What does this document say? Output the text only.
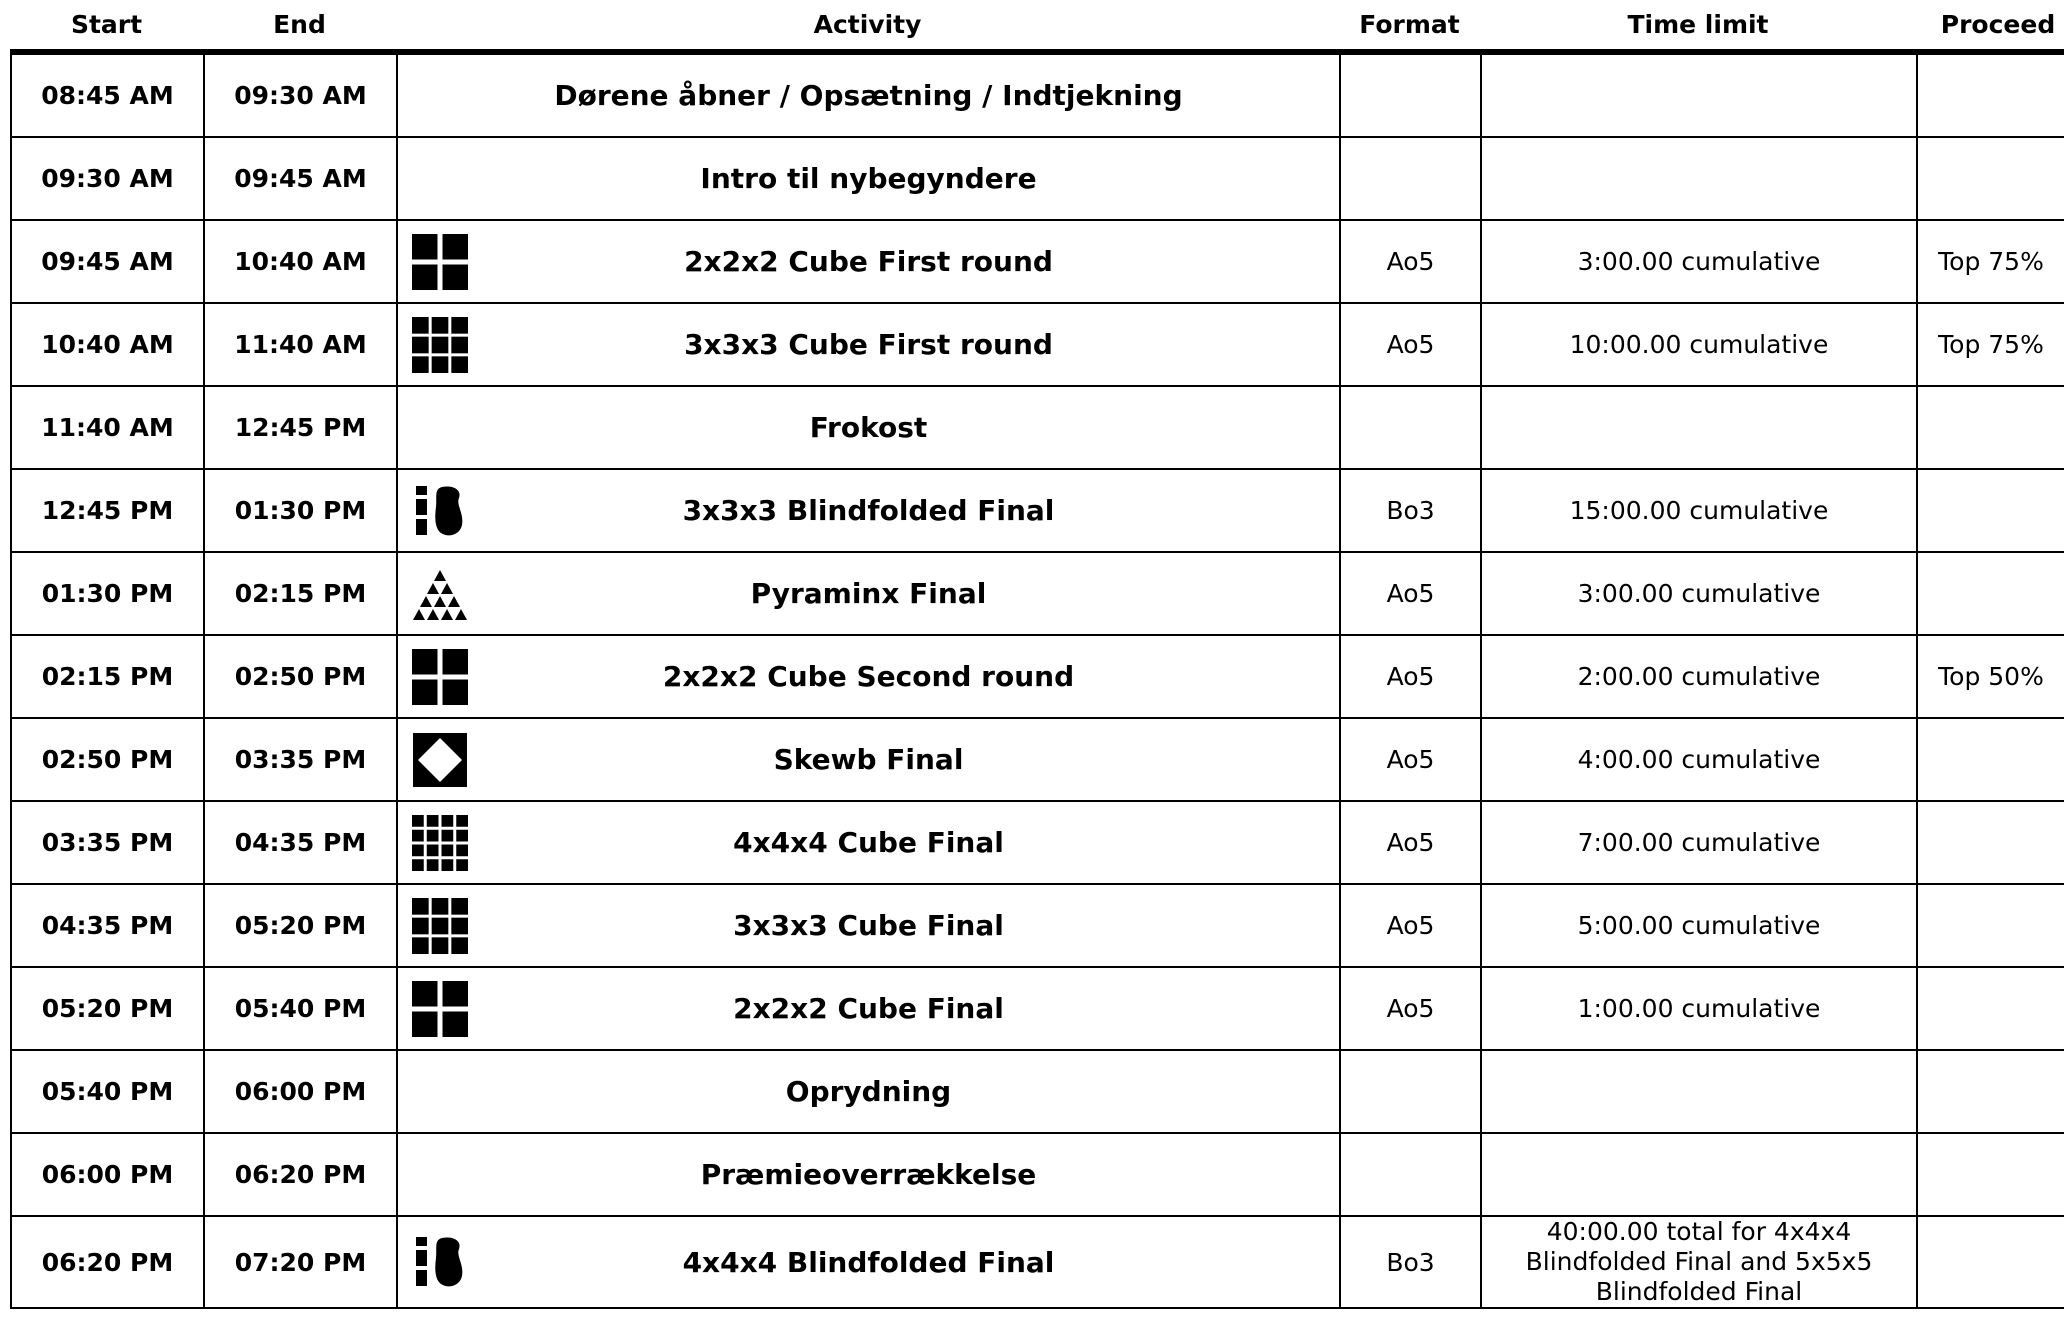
Start	End	Activity	Format	Time limit	Proceed
08:45 AM	09:30 AM	Dørene åbner / Opsætning / Indtjekning			
09:30 AM	09:45 AM	Intro til nybegyndere			
09:45 AM	10:40 AM	2x2x2 Cube First round	Ao5	3:00.00 cumulative	Top 75%
10:40 AM	11:40 AM	3x3x3 Cube First round	Ao5	10:00.00 cumulative	Top 75%
11:40 AM	12:45 PM	Frokost			
12:45 PM	01:30 PM	3x3x3 Blindfolded Final	Bo3	15:00.00 cumulative	
01:30 PM	02:15 PM	Pyraminx Final	Ao5	3:00.00 cumulative	
02:15 PM	02:50 PM	2x2x2 Cube Second round	Ao5	2:00.00 cumulative	Top 50%
02:50 PM	03:35 PM	Skewb Final	Ao5	4:00.00 cumulative	
03:35 PM	04:35 PM	4x4x4 Cube Final	Ao5	7:00.00 cumulative	
04:35 PM	05:20 PM	3x3x3 Cube Final	Ao5	5:00.00 cumulative	
05:20 PM	05:40 PM	2x2x2 Cube Final	Ao5	1:00.00 cumulative	
05:40 PM	06:00 PM	Oprydning			
06:00 PM	06:20 PM	Præmieoverrækkelse			
06:20 PM	07:20 PM	4x4x4 Blindfolded Final	Bo3	40:00.00 total for 4x4x4 Blindfolded Final and 5x5x5 Blindfolded Final	
